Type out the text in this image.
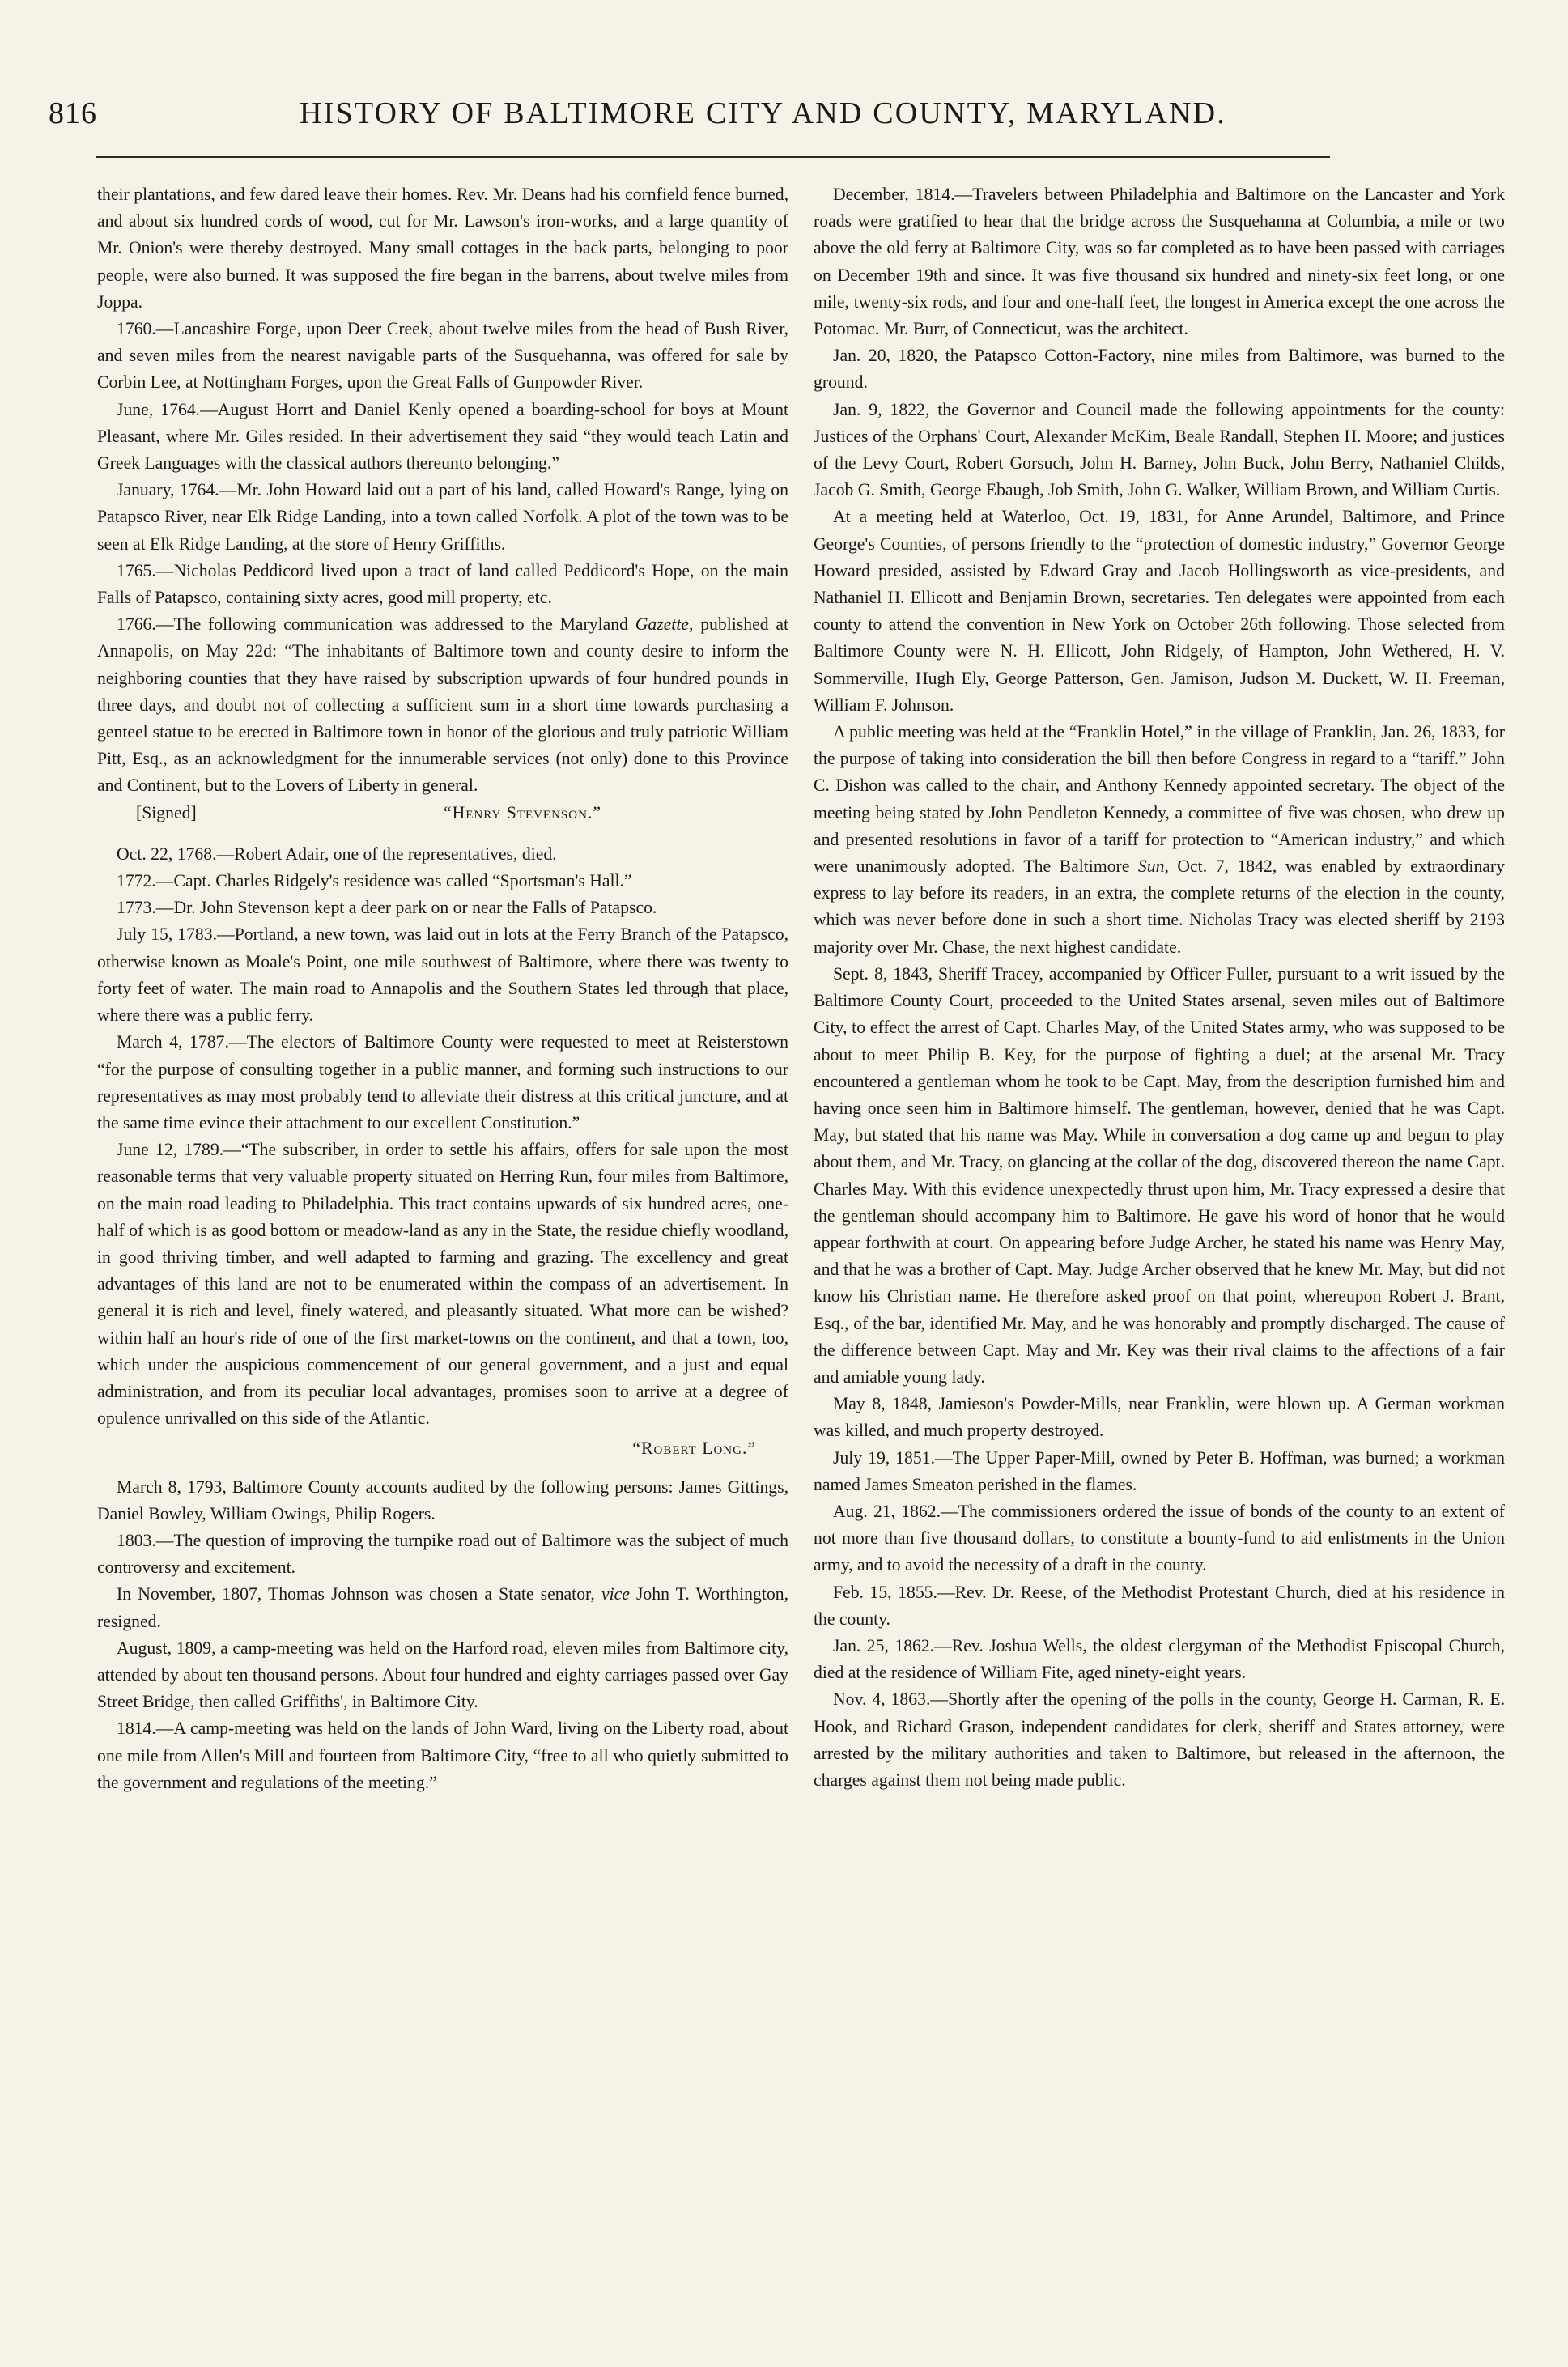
816	HISTORY OF BALTIMORE CITY AND COUNTY, MARYLAND.

their plantations, and few dared leave their homes. Rev. Mr. Deans had his cornfield fence burned, and about six hundred cords of wood, cut for Mr. Lawson's iron-works, and a large quantity of Mr. Onion's were thereby destroyed. Many small cottages in the back parts, belonging to poor people, were also burned. It was supposed the fire began in the barrens, about twelve miles from Joppa.

1760.—Lancashire Forge, upon Deer Creek, about twelve miles from the head of Bush River, and seven miles from the nearest navigable parts of the Susquehanna, was offered for sale by Corbin Lee, at Nottingham Forges, upon the Great Falls of Gunpowder River.

June, 1764.—August Horrt and Daniel Kenly opened a boarding-school for boys at Mount Pleasant, where Mr. Giles resided. In their advertisement they said “they would teach Latin and Greek Languages with the classical authors thereunto belonging.”

January, 1764.—Mr. John Howard laid out a part of his land, called Howard's Range, lying on Patapsco River, near Elk Ridge Landing, into a town called Norfolk. A plot of the town was to be seen at Elk Ridge Landing, at the store of Henry Griffiths.

1765.—Nicholas Peddicord lived upon a tract of land called Peddicord's Hope, on the main Falls of Patapsco, containing sixty acres, good mill property, etc.

1766.—The following communication was addressed to the Maryland Gazette, published at Annapolis, on May 22d: “The inhabitants of Baltimore town and county desire to inform the neighboring counties that they have raised by subscription upwards of four hundred pounds in three days, and doubt not of collecting a sufficient sum in a short time towards purchasing a genteel statue to be erected in Baltimore town in honor of the glorious and truly patriotic William Pitt, Esq., as an acknowledgment for the innumerable services (not only) done to this Province and Continent, but to the Lovers of Liberty in general.

[Signed]	“Henry Stevenson.”

Oct. 22, 1768.—Robert Adair, one of the representatives, died.

1772.—Capt. Charles Ridgely's residence was called “Sportsman's Hall.”

1773.—Dr. John Stevenson kept a deer park on or near the Falls of Patapsco.

July 15, 1783.—Portland, a new town, was laid out in lots at the Ferry Branch of the Patapsco, otherwise known as Moale's Point, one mile southwest of Baltimore, where there was twenty to forty feet of water. The main road to Annapolis and the Southern States led through that place, where there was a public ferry.

March 4, 1787.—The electors of Baltimore County were requested to meet at Reisterstown “for the purpose of consulting together in a public manner, and forming such instructions to our representatives as may most probably tend to alleviate their distress at this critical juncture, and at the same time evince their attachment to our excellent Constitution.”

June 12, 1789.—“The subscriber, in order to settle his affairs, offers for sale upon the most reasonable terms that very valuable property situated on Herring Run, four miles from Baltimore, on the main road leading to Philadelphia. This tract contains upwards of six hundred acres, one-half of which is as good bottom or meadow-land as any in the State, the residue chiefly woodland, in good thriving timber, and well adapted to farming and grazing. The excellency and great advantages of this land are not to be enumerated within the compass of an advertisement. In general it is rich and level, finely watered, and pleasantly situated. What more can be wished? within half an hour's ride of one of the first market-towns on the continent, and that a town, too, which under the auspicious commencement of our general government, and a just and equal administration, and from its peculiar local advantages, promises soon to arrive at a degree of opulence unrivalled on this side of the Atlantic.

“Robert Long.”

March 8, 1793, Baltimore County accounts audited by the following persons: James Gittings, Daniel Bowley, William Owings, Philip Rogers.

1803.—The question of improving the turnpike road out of Baltimore was the subject of much controversy and excitement.

In November, 1807, Thomas Johnson was chosen a State senator, vice John T. Worthington, resigned.

August, 1809, a camp-meeting was held on the Harford road, eleven miles from Baltimore city, attended by about ten thousand persons. About four hundred and eighty carriages passed over Gay Street Bridge, then called Griffiths', in Baltimore City.

1814.—A camp-meeting was held on the lands of John Ward, living on the Liberty road, about one mile from Allen's Mill and fourteen from Baltimore City, “free to all who quietly submitted to the government and regulations of the meeting.”

December, 1814.—Travelers between Philadelphia and Baltimore on the Lancaster and York roads were gratified to hear that the bridge across the Susquehanna at Columbia, a mile or two above the old ferry at Baltimore City, was so far completed as to have been passed with carriages on December 19th and since. It was five thousand six hundred and ninety-six feet long, or one mile, twenty-six rods, and four and one-half feet, the longest in America except the one across the Potomac. Mr. Burr, of Connecticut, was the architect.

Jan. 20, 1820, the Patapsco Cotton-Factory, nine miles from Baltimore, was burned to the ground.

Jan. 9, 1822, the Governor and Council made the following appointments for the county: Justices of the Orphans' Court, Alexander McKim, Beale Randall, Stephen H. Moore; and justices of the Levy Court, Robert Gorsuch, John H. Barney, John Buck, John Berry, Nathaniel Childs, Jacob G. Smith, George Ebaugh, Job Smith, John G. Walker, William Brown, and William Curtis.

At a meeting held at Waterloo, Oct. 19, 1831, for Anne Arundel, Baltimore, and Prince George's Counties, of persons friendly to the “protection of domestic industry,” Governor George Howard presided, assisted by Edward Gray and Jacob Hollingsworth as vice-presidents, and Nathaniel H. Ellicott and Benjamin Brown, secretaries. Ten delegates were appointed from each county to attend the convention in New York on October 26th following. Those selected from Baltimore County were N. H. Ellicott, John Ridgely, of Hampton, John Wethered, H. V. Sommerville, Hugh Ely, George Patterson, Gen. Jamison, Judson M. Duckett, W. H. Freeman, William F. Johnson.

A public meeting was held at the “Franklin Hotel,” in the village of Franklin, Jan. 26, 1833, for the purpose of taking into consideration the bill then before Congress in regard to a “tariff.” John C. Dishon was called to the chair, and Anthony Kennedy appointed secretary. The object of the meeting being stated by John Pendleton Kennedy, a committee of five was chosen, who drew up and presented resolutions in favor of a tariff for protection to “American industry,” and which were unanimously adopted. The Baltimore Sun, Oct. 7, 1842, was enabled by extraordinary express to lay before its readers, in an extra, the complete returns of the election in the county, which was never before done in such a short time. Nicholas Tracy was elected sheriff by 2193 majority over Mr. Chase, the next highest candidate.

Sept. 8, 1843, Sheriff Tracey, accompanied by Officer Fuller, pursuant to a writ issued by the Baltimore County Court, proceeded to the United States arsenal, seven miles out of Baltimore City, to effect the arrest of Capt. Charles May, of the United States army, who was supposed to be about to meet Philip B. Key, for the purpose of fighting a duel; at the arsenal Mr. Tracy encountered a gentleman whom he took to be Capt. May, from the description furnished him and having once seen him in Baltimore himself. The gentleman, however, denied that he was Capt. May, but stated that his name was May. While in conversation a dog came up and begun to play about them, and Mr. Tracy, on glancing at the collar of the dog, discovered thereon the name Capt. Charles May. With this evidence unexpectedly thrust upon him, Mr. Tracy expressed a desire that the gentleman should accompany him to Baltimore. He gave his word of honor that he would appear forthwith at court. On appearing before Judge Archer, he stated his name was Henry May, and that he was a brother of Capt. May. Judge Archer observed that he knew Mr. May, but did not know his Christian name. He therefore asked proof on that point, whereupon Robert J. Brant, Esq., of the bar, identified Mr. May, and he was honorably and promptly discharged. The cause of the difference between Capt. May and Mr. Key was their rival claims to the affections of a fair and amiable young lady.

May 8, 1848, Jamieson's Powder-Mills, near Franklin, were blown up. A German workman was killed, and much property destroyed.

July 19, 1851.—The Upper Paper-Mill, owned by Peter B. Hoffman, was burned; a workman named James Smeaton perished in the flames.

Aug. 21, 1862.—The commissioners ordered the issue of bonds of the county to an extent of not more than five thousand dollars, to constitute a bounty-fund to aid enlistments in the Union army, and to avoid the necessity of a draft in the county.

Feb. 15, 1855.—Rev. Dr. Reese, of the Methodist Protestant Church, died at his residence in the county.

Jan. 25, 1862.—Rev. Joshua Wells, the oldest clergyman of the Methodist Episcopal Church, died at the residence of William Fite, aged ninety-eight years.

Nov. 4, 1863.—Shortly after the opening of the polls in the county, George H. Carman, R. E. Hook, and Richard Grason, independent candidates for clerk, sheriff and States attorney, were arrested by the military authorities and taken to Baltimore, but released in the afternoon, the charges against them not being made public.
